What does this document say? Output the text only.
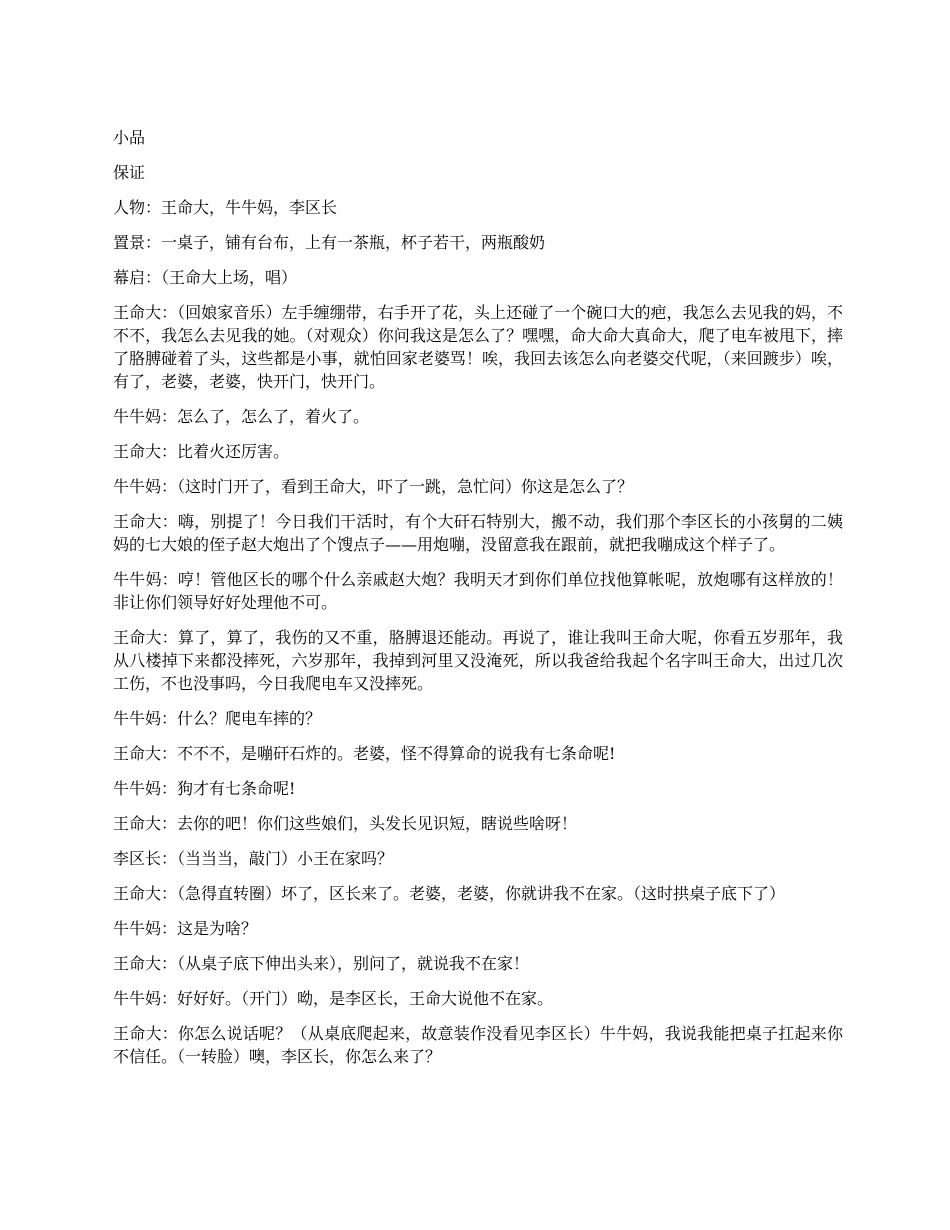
小品

保证

人物：王命大，牛牛妈，李区长

置景：一桌子，铺有台布，上有一茶瓶，杯子若干，两瓶酸奶

幕启：（王命大上场，唱）

王命大：（回娘家音乐）左手缠绷带，右手开了花，头上还碰了一个碗口大的疤，我怎么去见我的妈，不不不，我怎么去见我的她。（对观众）你问我这是怎么了？嘿嘿，命大命大真命大，爬了电车被甩下，摔了胳膊碰着了头，这些都是小事，就怕回家老婆骂！唉，我回去该怎么向老婆交代呢，（来回踱步）唉，有了，老婆，老婆，快开门，快开门。

牛牛妈：怎么了，怎么了，着火了。

王命大：比着火还厉害。

牛牛妈：（这时门开了，看到王命大，吓了一跳，急忙问）你这是怎么了？

王命大：嗨，别提了！今日我们干活时，有个大矸石特别大，搬不动，我们那个李区长的小孩舅的二姨妈的七大娘的侄子赵大炮出了个馊点子——用炮嘣，没留意我在跟前，就把我嘣成这个样子了。

牛牛妈：哼！管他区长的哪个什么亲戚赵大炮？我明天才到你们单位找他算帐呢，放炮哪有这样放的！非让你们领导好好处理他不可。

王命大：算了，算了，我伤的又不重，胳膊退还能动。再说了，谁让我叫王命大呢，你看五岁那年，我从八楼掉下来都没摔死，六岁那年，我掉到河里又没淹死，所以我爸给我起个名字叫王命大，出过几次工伤，不也没事吗，今日我爬电车又没摔死。

牛牛妈：什么？爬电车摔的？

王命大：不不不，是嘣矸石炸的。老婆，怪不得算命的说我有七条命呢!

牛牛妈：狗才有七条命呢!

王命大：去你的吧！你们这些娘们，头发长见识短，瞎说些啥呀！

李区长：（当当当，敲门）小王在家吗？

王命大：（急得直转圈）坏了，区长来了。老婆，老婆，你就讲我不在家。（这时拱桌子底下了）

牛牛妈：这是为啥？

王命大：（从桌子底下伸出头来），别问了，就说我不在家！

牛牛妈：好好好。（开门）呦，是李区长，王命大说他不在家。

王命大：你怎么说话呢？（从桌底爬起来，故意装作没看见李区长）牛牛妈，我说我能把桌子扛起来你不信任。（一转脸）噢，李区长，你怎么来了？
